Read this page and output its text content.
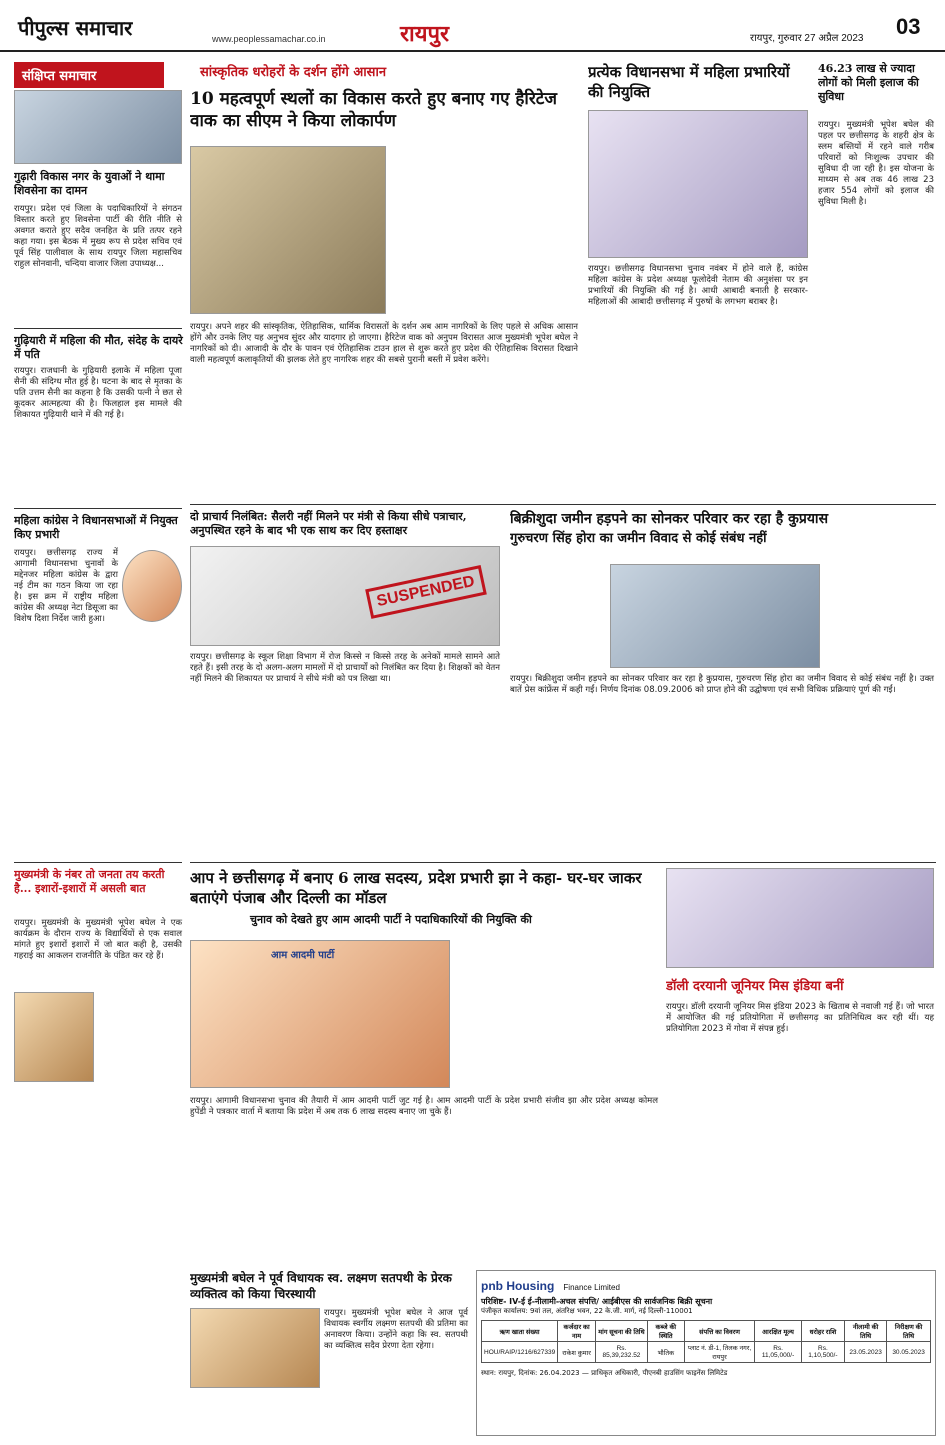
पीपुल्स समाचार	www.peoplessamachar.co.in	रायपुर	रायपुर, गुरुवार 27 अप्रैल 2023 03
संक्षिप्त समाचार
गुढ़ारी विकास नगर के युवाओं ने थामा शिवसेना का दामन

रायपुर। प्रदेश एवं जिला के पदाधिकारियों ने संगठन विस्तार करते हुए शिवसेना पार्टी की रीति नीति से अवगत कराते हुए सदैव जनहित के प्रति तत्पर रहने कहा गया। इस बैठक में मुख्य रूप से प्रदेश सचिव एवं पूर्व सिंह पालीवाल के साथ रायपुर जिला महासचिव राहुल सोनवानी, चन्दिया वाजार जिला उपाध्यक्ष...

गुढ़ियारी में महिला की मौत, संदेह के दायरे में पति

रायपुर। राजधानी के गुढ़ियारी इलाके में महिला पूजा सैनी की संदिग्ध मौत हुई है। घटना के बाद से मृतका के पति उत्तम सैनी का कहना है कि उसकी पत्नी ने छत से कूदकर आत्महत्या की है। फिलहाल इस मामले की शिकायत गुढ़ियारी थाने में की गई है।

महिला कांग्रेस ने विधानसभाओं में नियुक्त किए प्रभारी

रायपुर। छत्तीसगढ़ राज्य में आगामी विधानसभा चुनावों के मद्देनजर महिला कांग्रेस के द्वारा नई टीम का गठन किया जा रहा है। इस क्रम में राष्ट्रीय महिला कांग्रेस की अध्यक्ष नेटा डिसूजा का विशेष दिशा निर्देश जारी हुआ।

मुख्यमंत्री के नंबर तो जनता तय करती है... इशारों-इशारों में असली बात

रायपुर। मुख्यमंत्री के मुख्यमंत्री भूपेश बघेल ने एक कार्यक्रम के दौरान राज्य के विद्यार्थियों से एक सवाल मांगते हुए इशारों इशारों में जो बात कही है, उसकी गहराई का आकलन राजनीति के पंडित कर रहे हैं।

सांस्कृतिक धरोहरों के दर्शन होंगे आसान
10 महत्वपूर्ण स्थलों का विकास करते हुए बनाए गए हैरिटेज वाक का सीएम ने किया लोकार्पण

रायपुर। अपने शहर की सांस्कृतिक, ऐतिहासिक, धार्मिक विरासतों के दर्शन अब आम नागरिकों के लिए पहले से अधिक आसान होंगे और उनके लिए यह अनुभव सुंदर और यादगार हो जाएगा। हैरिटेज वाक को अनुपम विरासत आज मुख्यमंत्री भूपेश बघेल ने नागरिकों को दी। आजादी के दौर के पावन एवं ऐतिहासिक टाउन हाल से शुरू करते हुए प्रदेश की ऐतिहासिक विरासत दिखाने वाली महत्वपूर्ण कलाकृतियों की झलक लेते हुए नागरिक शहर की सबसे पुरानी बस्ती में प्रवेश करेंगे।

प्रत्येक विधानसभा में महिला प्रभारियों की नियुक्ति

रायपुर। छत्तीसगढ़ विधानसभा चुनाव नवंबर में होने वाले हैं, कांग्रेस महिला कांग्रेस के प्रदेश अध्यक्ष फूलोदेवी नेताम की अनुशंसा पर इन प्रभारियों की नियुक्ति की गई है। आधी आबादी बनाती है सरकार- महिलाओं की आबादी छत्तीसगढ़ में पुरुषों के लगभग बराबर है।

46.23 लाख से ज्यादा लोगों को मिली इलाज की सुविधा

रायपुर। मुख्यमंत्री भूपेश बघेल की पहल पर छत्तीसगढ़ के शहरी क्षेत्र के स्लम बस्तियों में रहने वाले गरीब परिवारों को निःशुल्क उपचार की सुविधा दी जा रही है। इस योजना के माध्यम से अब तक 46 लाख 23 हजार 554 लोगों को इलाज की सुविधा मिली है।

दो प्राचार्य निलंबित: सैलरी नहीं मिलने पर मंत्री से किया सीधे पत्राचार, अनुपस्थित रहने के बाद भी एक साथ कर दिए हस्ताक्षर
SUSPENDED

रायपुर। छत्तीसगढ़ के स्कूल शिक्षा विभाग में रोज किस्से न किस्से तरह के अनेकों मामले सामने आते रहते हैं। इसी तरह के दो अलग-अलग मामलों में दो प्राचार्यों को निलंबित कर दिया है। शिक्षकों को वेतन नहीं मिलने की शिकायत पर प्राचार्य ने सीधे मंत्री को पत्र लिखा था।

बिक्रीशुदा जमीन हड़पने का सोनकर परिवार कर रहा है कुप्रयास
गुरुचरण सिंह होरा का जमीन विवाद से कोई संबंध नहीं

रायपुर। बिक्रीशुदा जमीन हड़पने का सोनकर परिवार कर रहा है कुप्रयास, गुरुचरण सिंह होरा का जमीन विवाद से कोई संबंध नहीं है। उक्त बातें प्रेस कांफ्रेंस में कही गईं। निर्णय दिनांक 08.09.2006 को प्राप्त होने की उद्घोषणा एवं सभी विधिक प्रक्रियाएं पूर्ण की गईं।

आप ने छत्तीसगढ़ में बनाए 6 लाख सदस्य, प्रदेश प्रभारी झा ने कहा- घर-घर जाकर बताएंगे पंजाब और दिल्ली का मॉडल
चुनाव को देखते हुए आम आदमी पार्टी ने पदाधिकारियों की नियुक्ति की
आम आदमी पार्टी

रायपुर। आगामी विधानसभा चुनाव की तैयारी में आम आदमी पार्टी जुट गई है। आम आदमी पार्टी के प्रदेश प्रभारी संजीव झा और प्रदेश अध्यक्ष कोमल हुपेंडी ने पत्रकार वार्ता में बताया कि प्रदेश में अब तक 6 लाख सदस्य बनाए जा चुके हैं।

डॉली दरयानी जूनियर मिस इंडिया बनीं

रायपुर। डॉली दरयानी जूनियर मिस इंडिया 2023 के खिताब से नवाजी गई हैं। जो भारत में आयोजित की गई प्रतियोगिता में छत्तीसगढ़ का प्रतिनिधित्व कर रही थीं। यह प्रतियोगिता 2023 में गोवा में संपन्न हुई।

मुख्यमंत्री बघेल ने पूर्व विधायक स्व. लक्ष्मण सतपथी के प्रेरक व्यक्तित्व को किया चिरस्थायी

रायपुर। मुख्यमंत्री भूपेश बघेल ने आज पूर्व विधायक स्वर्गीय लक्ष्मण सतपथी की प्रतिमा का अनावरण किया। उन्होंने कहा कि स्व. सतपथी का व्यक्तित्व सदैव प्रेरणा देता रहेगा।

pnb Housing Finance Limited
परिशिष्ट- IV-ई ई-नीलामी-अचल संपत्ति/ आईबीएस की सार्वजनिक बिक्री सूचना
पंजीकृत कार्यालय: 9वां तल, अंतरिक्ष भवन, 22 के.जी. मार्ग, नई दिल्ली-110001
ऋण खाता संख्या	कर्जदार का नाम	मांग सूचना की तिथि	कब्जे की स्थिति	संपत्ति का विवरण	आरक्षित मूल्य	धरोहर राशि	नीलामी की तिथि	निरीक्षण की तिथि
HOU/RAIP/1216/627339	राकेश कुमार	Rs. 85,39,232.52	भौतिक	प्लाट नं. डी-1, तिलक नगर, रायपुर	Rs. 11,05,000/-	Rs. 1,10,500/-	23.05.2023	30.05.2023
स्थान: रायपुर, दिनांक: 26.04.2023 — प्राधिकृत अधिकारी, पीएनबी हाउसिंग फाइनेंस लिमिटेड
